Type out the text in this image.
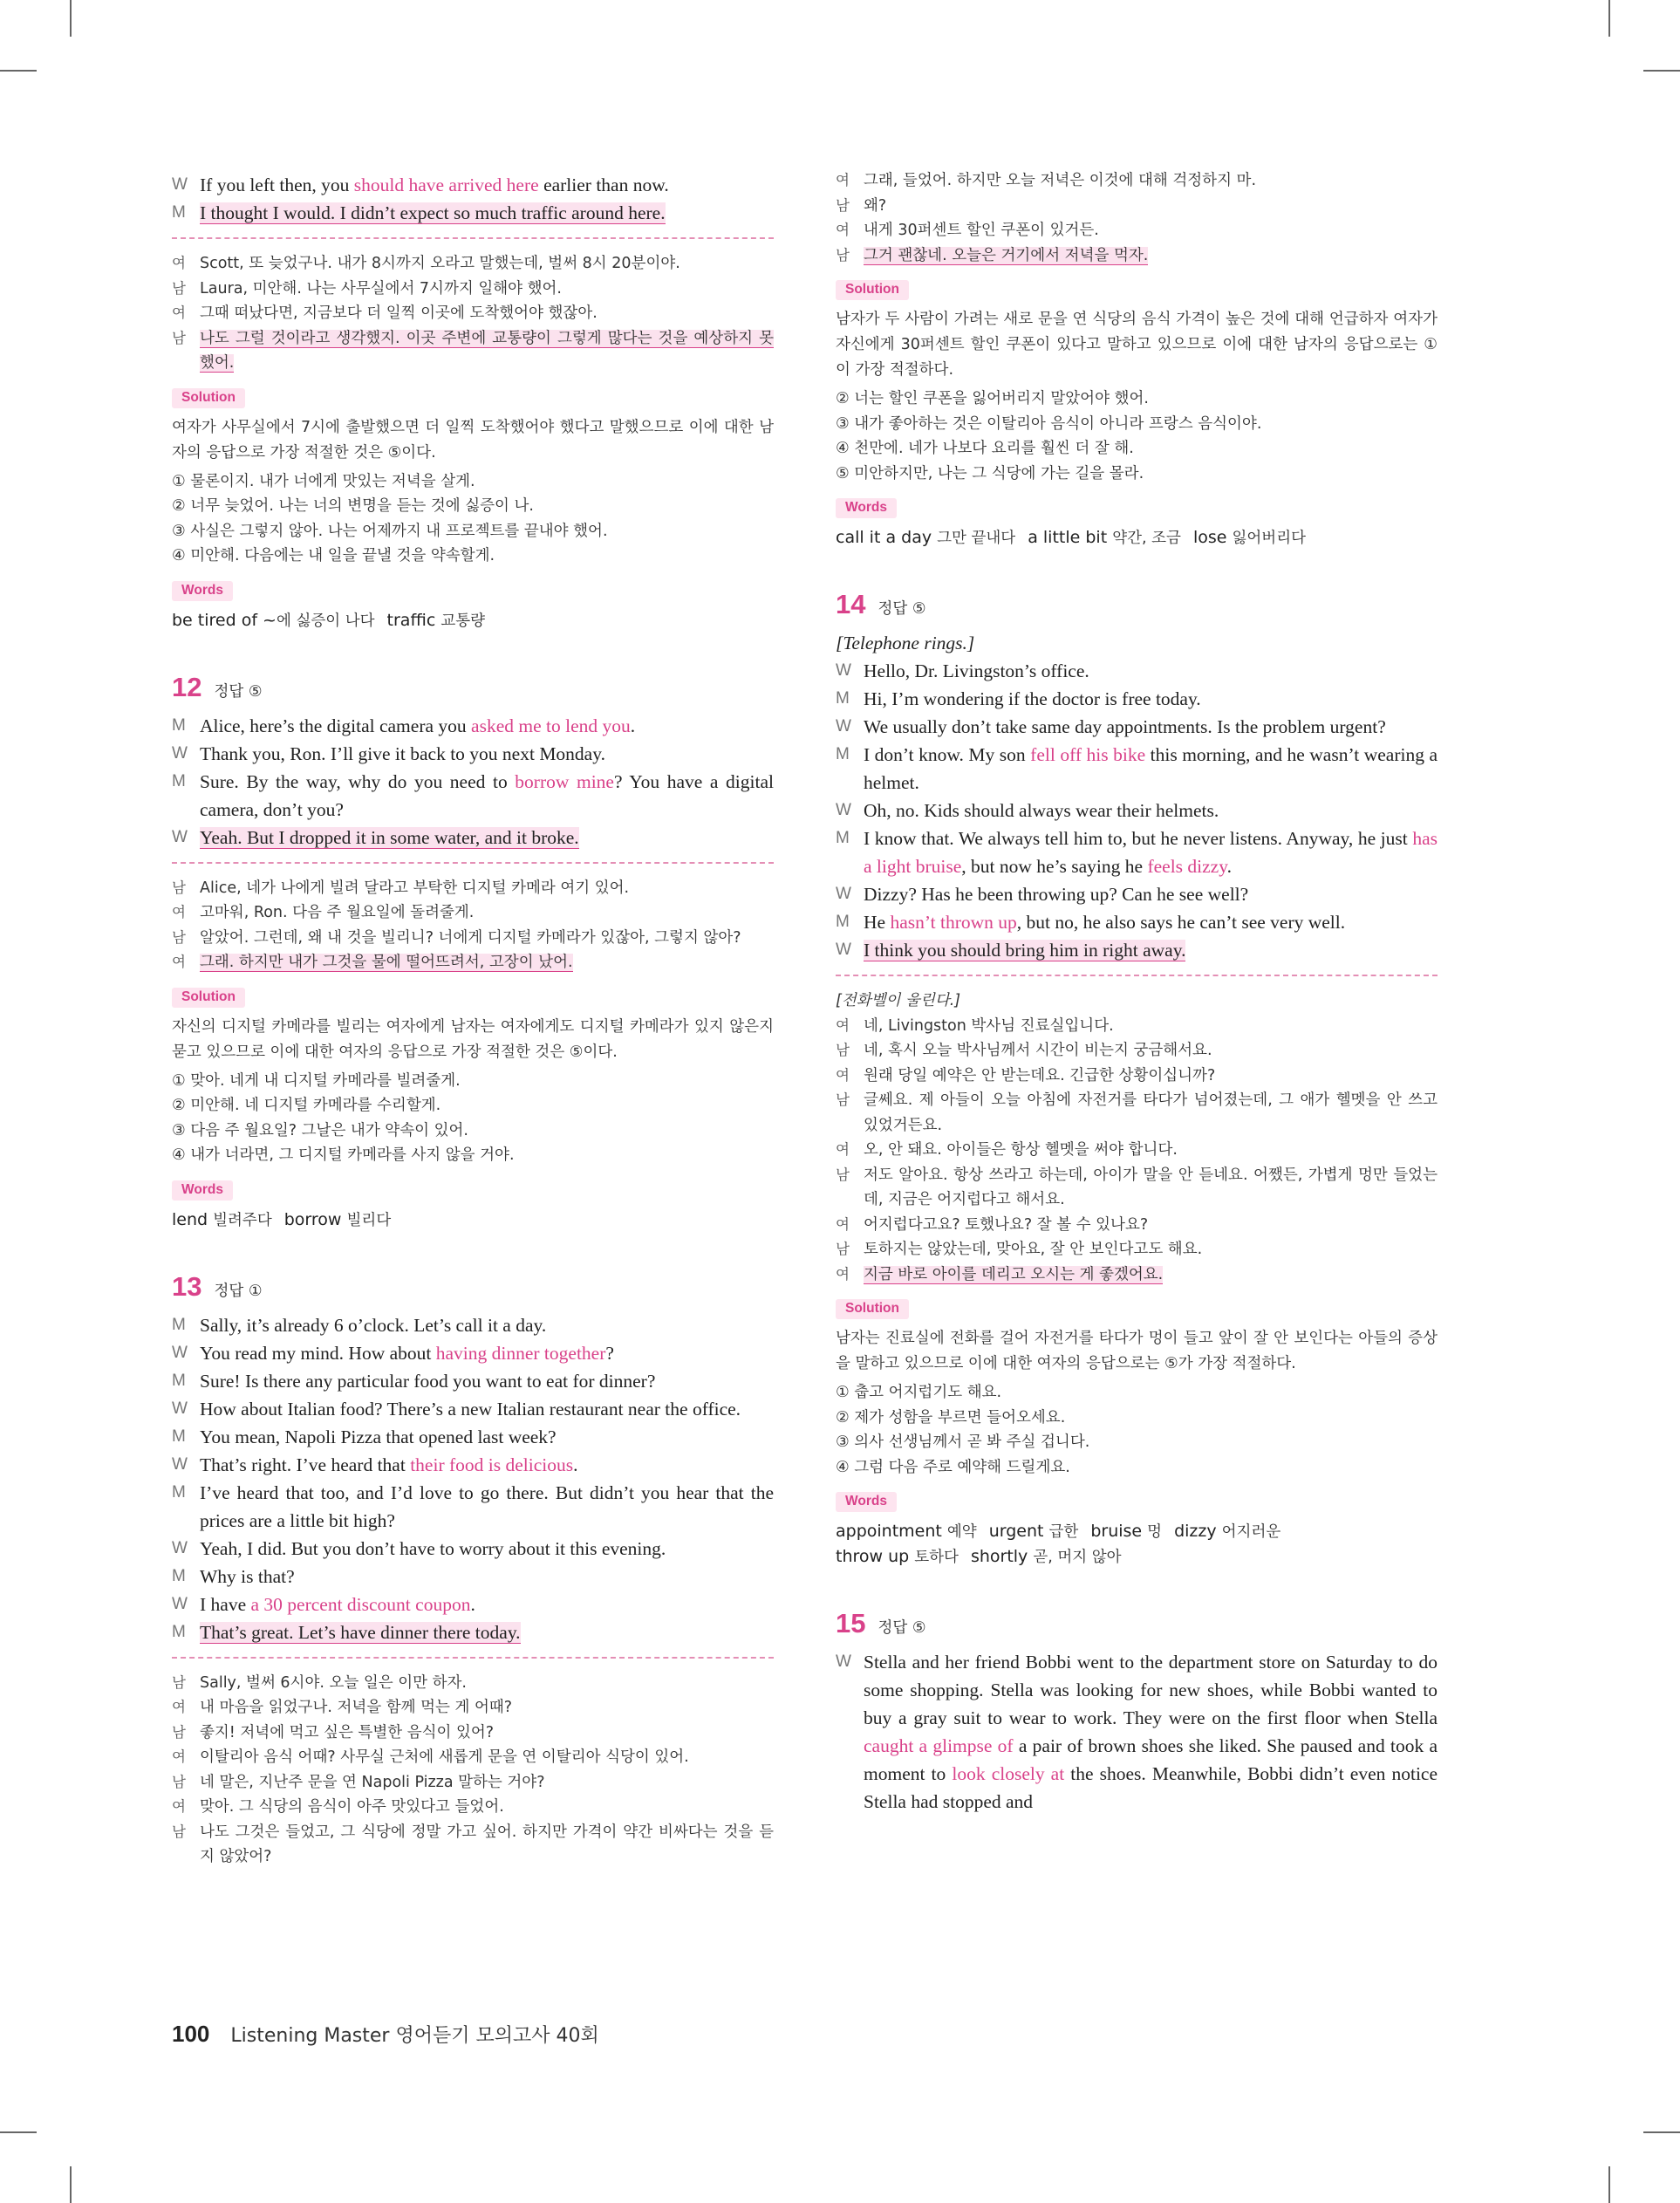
W If you left then, you should have arrived here earlier than now.
M I thought I would. I didn’t expect so much traffic around here.
여 Scott, 또 늦었구나. 내가 8시까지 오라고 말했는데, 벌써 8시 20분이야.
남 Laura, 미안해. 나는 사무실에서 7시까지 일해야 했어.
여 그때 떠났다면, 지금보다 더 일찍 이곳에 도착했어야 했잖아.
남 나도 그럴 것이라고 생각했지. 이곳 주변에 교통량이 그렇게 많다는 것을 예상하지 못했어.
Solution
여자가 사무실에서 7시에 출발했으면 더 일찍 도착했어야 했다고 말했으므로 이에 대한 남자의 응답으로 가장 적절한 것은 ⑤이다.
① 물론이지. 내가 너에게 맛있는 저녁을 살게.
② 너무 늦었어. 나는 너의 변명을 듣는 것에 싫증이 나.
③ 사실은 그렇지 않아. 나는 어제까지 내 프로젝트를 끝내야 했어.
④ 미안해. 다음에는 내 일을 끝낼 것을 약속할게.
Words
be tired of ~에 싫증이 나다 traffic 교통량
12 정답 ⑤
M Alice, here’s the digital camera you asked me to lend you.
W Thank you, Ron. I’ll give it back to you next Monday.
M Sure. By the way, why do you need to borrow mine? You have a digital camera, don’t you?
W Yeah. But I dropped it in some water, and it broke.
남 Alice, 네가 나에게 빌려 달라고 부탁한 디지털 카메라 여기 있어.
여 고마워, Ron. 다음 주 월요일에 돌려줄게.
남 알았어. 그런데, 왜 내 것을 빌리니? 너에게 디지털 카메라가 있잖아, 그렇지 않아?
여 그래. 하지만 내가 그것을 물에 떨어뜨려서, 고장이 났어.
Solution
자신의 디지털 카메라를 빌리는 여자에게 남자는 여자에게도 디지털 카메라가 있지 않은지 묻고 있으므로 이에 대한 여자의 응답으로 가장 적절한 것은 ⑤이다.
① 맞아. 네게 내 디지털 카메라를 빌려줄게.
② 미안해. 네 디지털 카메라를 수리할게.
③ 다음 주 월요일? 그날은 내가 약속이 있어.
④ 내가 너라면, 그 디지털 카메라를 사지 않을 거야.
Words
lend 빌려주다 borrow 빌리다
13 정답 ①
M Sally, it’s already 6 o’clock. Let’s call it a day.
W You read my mind. How about having dinner together?
M Sure! Is there any particular food you want to eat for dinner?
W How about Italian food? There’s a new Italian restaurant near the office.
M You mean, Napoli Pizza that opened last week?
W That’s right. I’ve heard that their food is delicious.
M I’ve heard that too, and I’d love to go there. But didn’t you hear that the prices are a little bit high?
W Yeah, I did. But you don’t have to worry about it this evening.
M Why is that?
W I have a 30 percent discount coupon.
M That’s great. Let’s have dinner there today.
남 Sally, 벌써 6시야. 오늘 일은 이만 하자.
여 내 마음을 읽었구나. 저녁을 함께 먹는 게 어때?
남 좋지! 저녁에 먹고 싶은 특별한 음식이 있어?
여 이탈리아 음식 어때? 사무실 근처에 새롭게 문을 연 이탈리아 식당이 있어.
남 네 말은, 지난주 문을 연 Napoli Pizza 말하는 거야?
여 맞아. 그 식당의 음식이 아주 맛있다고 들었어.
남 나도 그것은 들었고, 그 식당에 정말 가고 싶어. 하지만 가격이 약간 비싸다는 것을 듣지 않았어?
여 그래, 들었어. 하지만 오늘 저녁은 이것에 대해 걱정하지 마.
남 왜?
여 내게 30퍼센트 할인 쿠폰이 있거든.
남 그거 괜찮네. 오늘은 거기에서 저녁을 먹자.
Solution
남자가 두 사람이 가려는 새로 문을 연 식당의 음식 가격이 높은 것에 대해 언급하자 여자가 자신에게 30퍼센트 할인 쿠폰이 있다고 말하고 있으므로 이에 대한 남자의 응답으로는 ①이 가장 적절하다.
② 너는 할인 쿠폰을 잃어버리지 말았어야 했어.
③ 내가 좋아하는 것은 이탈리아 음식이 아니라 프랑스 음식이야.
④ 천만에. 네가 나보다 요리를 훨씬 더 잘 해.
⑤ 미안하지만, 나는 그 식당에 가는 길을 몰라.
Words
call it a day 그만 끝내다 a little bit 약간, 조금 lose 잃어버리다
14 정답 ⑤
[Telephone rings.]
W Hello, Dr. Livingston’s office.
M Hi, I’m wondering if the doctor is free today.
W We usually don’t take same day appointments. Is the problem urgent?
M I don’t know. My son fell off his bike this morning, and he wasn’t wearing a helmet.
W Oh, no. Kids should always wear their helmets.
M I know that. We always tell him to, but he never listens. Anyway, he just has a light bruise, but now he’s saying he feels dizzy.
W Dizzy? Has he been throwing up? Can he see well?
M He hasn’t thrown up, but no, he also says he can’t see very well.
W I think you should bring him in right away.
[전화벨이 울린다.]
여 네, Livingston 박사님 진료실입니다.
남 네, 혹시 오늘 박사님께서 시간이 비는지 궁금해서요.
여 원래 당일 예약은 안 받는데요. 긴급한 상황이십니까?
남 글쎄요. 제 아들이 오늘 아침에 자전거를 타다가 넘어졌는데, 그 애가 헬멧을 안 쓰고 있었거든요.
여 오, 안 돼요. 아이들은 항상 헬멧을 써야 합니다.
남 저도 알아요. 항상 쓰라고 하는데, 아이가 말을 안 듣네요. 어쨌든, 가볍게 멍만 들었는데, 지금은 어지럽다고 해서요.
여 어지럽다고요? 토했나요? 잘 볼 수 있나요?
남 토하지는 않았는데, 맞아요, 잘 안 보인다고도 해요.
여 지금 바로 아이를 데리고 오시는 게 좋겠어요.
Solution
남자는 진료실에 전화를 걸어 자전거를 타다가 멍이 들고 앞이 잘 안 보인다는 아들의 증상을 말하고 있으므로 이에 대한 여자의 응답으로는 ⑤가 가장 적절하다.
① 춥고 어지럽기도 해요.
② 제가 성함을 부르면 들어오세요.
③ 의사 선생님께서 곧 봐 주실 겁니다.
④ 그럼 다음 주로 예약해 드릴게요.
Words
appointment 예약 urgent 급한 bruise 멍 dizzy 어지러운
throw up 토하다 shortly 곧, 머지 않아
15 정답 ⑤
W Stella and her friend Bobbi went to the department store on Saturday to do some shopping. Stella was looking for new shoes, while Bobbi wanted to buy a gray suit to wear to work. They were on the first floor when Stella caught a glimpse of a pair of brown shoes she liked. She paused and took a moment to look closely at the shoes. Meanwhile, Bobbi didn’t even notice Stella had stopped and
100 Listening Master 영어듣기 모의고사 40회
